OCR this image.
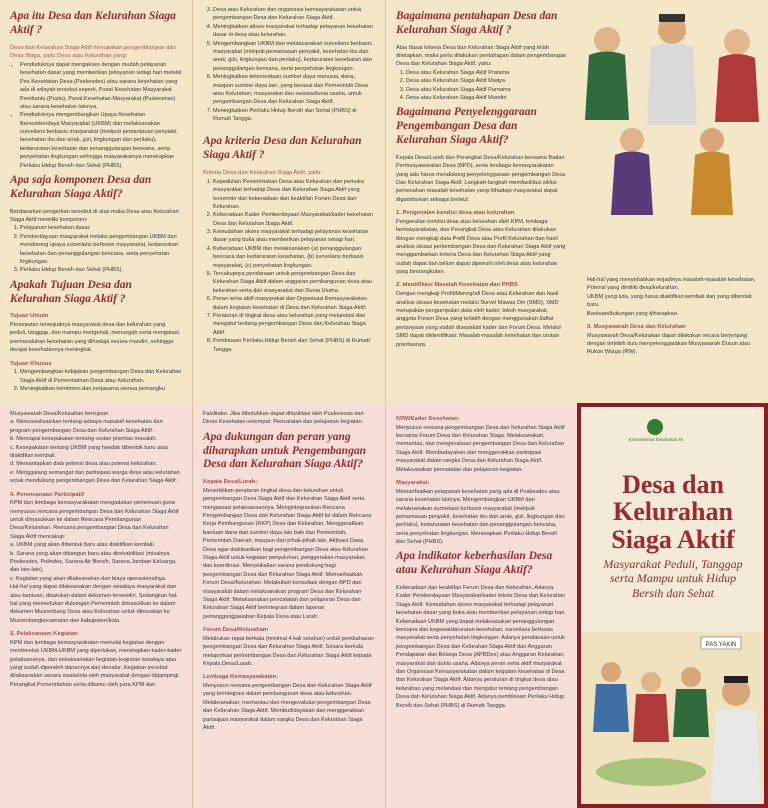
Apa itu Desa dan Kelurahan Siaga Aktif ?

Desa dan Kelurahan Siaga Aktif merupakan pengembangan dari Desa Siaga, yaitu Desa atau Kelurahan yang:

• Penduduknya dapat mengakses dengan mudah pelayanan kesehatan dasar yang memberikan pelayanan setiap hari melalui Pos Kesehatan Desa (Poskesdes) atau sarana kesehatan yang ada di wilayah tersebut seperti, Pusat Kesehatan Masyarakat Pembantu (Pustu), Pusat Kesehatan Masyarakat (Puskesmas) atau sarana kesehatan lainnya.
• Penduduknya mengembangkan Upaya Kesehatan Bersumberdaya Masyarakat (UKBM) dan melaksanakan surveilans berbasis masyarakat (meliputi pemantauan penyakit, kesehatan ibu dan anak, gizi, lingkungan dan perilaku), kedaruratan kesehatan dan penanggulangan bencana, serta penyehatan lingkungan sehingga masyarakatnya menerapkan Perilaku Hidup Bersih dan Sehat (PHBS).
Apa saja komponen Desa dan Kelurahan Siaga Aktif?

Berdasarkan pengertian tersebut di atas maka Desa atau Kelurahan Siaga Aktif memiliki komponen:

1. Pelayanan kesehatan dasar.
2. Pemberdayaan masyarakat melalui pengembangan UKBM dan mendorong upaya surveilans berbasis masyarakat, kedaruratan kesehatan dan penanggulangan bencana, serta penyehatan lingkungan.
3. Perilaku Hidup Bersih dan Sehat (PHBS).
Apakah Tujuan Desa dan Kelurahan Siaga Aktif ?

Tujuan Umum

Percepatan terwujudnya masyarakat desa dan kelurahan yang peduli, tanggap, dan mampu mengenali, mencegah serta mengatasi permasalahan kesehatan yang dihadapi secara mandiri, sehingga derajat kesehatannya meningkat.

Tujuan Khusus

1. Mengembangkan kebijakan pengembangan Desa dan Kelurahan Siaga Aktif di Pemerintahan Desa atau Kelurahan.
2. Meningkatkan komitmen dan kerjasama semua pemangku
3. Desa atau Kelurahan dan organisasi kemasyarakatan untuk pengembangan Desa dan Kelurahan Siaga Aktif.
4. Meningkatkan akses masyarakat terhadap pelayanan kesehatan dasar di desa atau kelurahan.
5. Mengembangkan UKBM dan melaksanakan surveilans berbasis masyarakat (meliputi pemantauan penyakit, kesehatan ibu dan anak, gizi, lingkungan dan perilaku), kedaruratan kesehatan dan penanggulangan bencana, serta penyehatan lingkungan.
6. Meningkatkan ketersediaan sumber daya manusia, dana, maupun sumber daya lain, yang berasal dari Pemerintah Desa atau Kelurahan, masyarakat dan swasta/dunia usaha, untuk pengembangan Desa dan Kelurahan Siaga Aktif.
7. Meningkatkan Perilaku Hidup Bersih dan Sehat (PHBS) di Rumah Tangga.
Apa kriteria Desa dan Kelurahan Siaga Aktif ?

Kriteria Desa dan Kelurahan Siaga Aktif, yaitu:

1. Kepedulian Pemerintahan Desa atau Kelurahan dan pemuka masyarakat terhadap Desa dan Kelurahan Siaga Aktif yang tercermin dari keberadaan dan keaktifan Forum Desa dan Kelurahan.
2. Keberadaan Kader Pemberdayaan Masyarakat/kader kesehatan Desa dan Kelurahan Siaga Aktif.
3. Kemudahan akses masyarakat terhadap pelayanan kesehatan dasar yang buka atau memberikan pelayanan setiap hari.
4. Keberadaan UKBM dan melaksanakan (a) penanggulangan bencana dan kedaruratan kesehatan, (b) surveilans berbasis masyarakat, (c) penyehatan lingkungan.
5. Tercakupnya pendanaan untuk pengembangan Desa dan Kelurahan Siaga Aktif dalam anggaran pembangunan desa atau kelurahan serta dari masyarakat dan Dunia Usaha.
6. Peran serta aktif masyarakat dan Organisasi Kemasyarakatan dalam kegiatan kesehatan di Desa dan Kelurahan Siaga Aktif.
7. Peraturan di tingkat desa atau kelurahan yang melandasi dan mengatur tentang pengembangan Desa dan Kelurahan Siaga Aktif.
8. Pembinaan Perilaku Hidup Bersih dan Sehat (PHBS) di Rumah Tangga.
Bagaimana pentahapan Desa dan Kelurahan Siaga Aktif ?

Atas dasar kriteria Desa dan Kelurahan Siaga Aktif yang telah ditetapkan, maka perlu dilakukan pentahapan dalam pengembangan Desa dan Kelurahan Siaga Aktif, yaitu:

1. Desa atau Kelurahan Siaga Aktif Pratama
2. Desa atau Kelurahan Siaga Aktif Madya
3. Desa atau Kelurahan Siaga Aktif Purnama
4. Desa atau Kelurahan Siaga Aktif Mandiri
Bagaimana Penyelenggaraan Pengembangan Desa dan Kelurahan Siaga Aktif?

Kepala Desa/Lurah dan Perangkat Desa/Kelurahan bersama Badan Permusyawaratan Desa (BPD), serta lembaga kemasyarakatan yang ada harus mendukung penyelenggaraan pengembangan Desa Dan Kelurahan Siaga Aktif. Langkah-langkah memfasilitasi siklus pemecahan masalah kesehatan yang dihadapi masyarakat dapat digambarkan sebagai berikut:

1. Pengenalan kondisi desa atau kelurahan

Pengenalan kondisi desa atau kelurahan oleh KPM, lembaga kemasyarakatan, dan Perangkat Desa atau Kelurahan dilakukan dengan mengkaji data Profil Desa atau Profil Kelurahan dan hasil analisis situasi perkembangan Desa dan Kelurahan Siaga Aktif yang menggambarkan kriteria Desa dan Kelurahan Siaga Aktif yang sudah dapat dan belum dapat dipenuhi oleh desa atau kelurahan yang bersangkutan.

2. Identifikasi Masalah Kesehatan dan PHBS

Dengan mengkaji Profil/Monografi Desa atau Kelurahan dan hasil analisis situasi kesehatan melalui Survei Mawas Diri (SMD), SMD merupakan pengumpulan data oleh kader, tokoh masyarakat, anggota Forum Desa yang terlatih dengan menggunakan daftar pertanyaan yang sudah disepakati kader dan Forum Desa. Melalui SMD dapat diidentifikasi: Masalah-masalah kesehatan dan urutan prioritasnya.

Hal-hal yang menyebabkan terjadinya masalah-masalah kesehatan.

Potensi yang dimiliki desa/kelurahan.

UKBM yang ada, yang harus diaktifkan kembali dan yang dibentuk baru.

Bantuan/dukungan yang diharapkan.

3. Musyawarah Desa dan Kelurahan

Musyawarah Desa/Kelurahan dapat dilakukan secara berjenjang dengan terlebih dulu menyelenggarakan Musyawarah Dusun atau Rukun Warga (RW).

Musyawarah Desa/Kelurahan bertujuan

a. Mensosialisasikan tentang adanya masalah kesehatan dan program pengembangan Desa dan Kelurahan Siaga Aktif.

b. Mencapai kesepakatan tentang urutan prioritas masalah.

c. Kesepakatan tentang UKBM yang hendak dibentuk baru atau diaktifkan kembali.

d. Memantapkan data potensi desa atau potensi kelurahan.

e. Menggalang semangat dan partisipasi warga desa atau kelurahan untuk mendukung pengembangan Desa dan Kelurahan Siaga Aktif.

4. Perencanaan Partisipatif

KPM dan lembaga kemasyarakatan mengadakan pertemuan guna menyusun rencana pengembangan Desa dan Kelurahan Siaga Aktif untuk dimasukkan ke dalam Rencana Pembangunan Desa/Kelurahan. Rencana pengembangan Desa dan Kelurahan Siaga Aktif mencakup:

a. UKBM yang akan dibentuk baru atau diaktifkan kembali.

b. Sarana yang akan dibangun baru atau direhabilitasi (misalnya Poskesdes, Polindes, Sarana Air Bersih, Sarana Jamban Keluarga, dan lain-lain).

c. Kegiatan yang akan dilaksanakan dan biaya operasionalnya.

Hal-hal yang dapat dilaksanakan dengan swadaya masyarakat dan atau bantuan, disatukan dalam dokumen tersendiri. Sedangkan hal-hal yang memerlukan dukungan Pemerintah dimasukkan ke dalam dokumen Musrenbang Desa atau Kelurahan untuk diteruskan ke Musrenbangkecamatan dan kabupaten/kota.

5. Pelaksanaan Kegiatan

KPM dan lembaga kemasyarakatan memulai kegiatan dengan membentuk UKBM-UKBM yang diperlukan, menetapkan kader-kader pelaksananya, dan melaksanakan kegiatan-kegiatan swadaya atau yang sudah diperoleh danannya dari donatur. Kegiatan tersebut dilaksanakan secara swakelola oleh masyarakat dengan didampingi Perangkat Pemerintahan serta dibantu oleh para KPM dan

Fasilitator. Jika dibutuhkan dapat difasilitasi oleh Puskesmas dan Dinas Kesehatan setempat. Pencatatan dan pelaporan kegiatan.

Apa dukungan dan peran yang diharapkan untuk Pengembangan Desa dan Kelurahan Siaga Aktif?

Kepala Desa/Lurah:

Menerbitkan peraturan tingkat desa dan kelurahan untuk pengembangan Desa Siaga Aktif dan Kelurahan Siaga Aktif serta mengawasi pelaksanaannya. Mengintegrasikan Rencana Pengembangan Desa dan Kelurahan Siaga Aktif ke dalam Rencana Kerja Pembangunan (RKP) Desa dan Kelurahan. Menggerakkan bantuan dana dari sumber daya lain baik dari Pemerintah, Pemerintah Daerah, maupun dari pihak-pihak lain. Aktivasi Dana Desa agar dialokasikan bagi pengembangan Desa atau Kelurahan Siaga Aktif untuk kegiatan penyuluhan, penggerakan masyarakat, dan koordinasi. Menyediakan sarana pendukung bagi pengembangan Desa dan Kelurahan Siaga Aktif. Memanfaatkan Forum Desa/Kelurahan. Melakukan konsultasi dengan BPD dan masyarakat dalam melaksanakan program Desa dan Kelurahan Siaga Aktif. Melaksanakan pencatatan dan pelaporan Desa dan Kelurahan Siaga Aktif berintegrasi dalam laporan pertanggungjawaban Kepala Desa atau Lurah.

Forum Desa/Kelurahan:

Melakukan rapat berkala (minimal 4 kali setahun) untuk pembahasan pengembangan Desa dan Kelurahan Siaga Aktif. Secara berkala melaporkan perkembangan Desa dan Kelurahan Siaga Aktif kepada Kepala Desa/Lurah.

Lembaga Kemasyarakatan:

Menyusun rencana pengembangan Desa dan Kelurahan Siaga Aktif yang terintegrasi dalam pembangunan desa atau kelurahan. Melaksanakan, memantau dan mengevaluasi pengembangan Desa dan Kelurahan Siaga Aktif. Membudidayakan dan menggerakkan partisipasi masyarakat dalam rangka Desa dan Kelurahan Siaga Aktif.

KPM/Kader Kesehatan:

Menyusun rencana pengembangan Desa dan Kelurahan Siaga Aktif bersama Forum Desa dan Kelurahan Siaga. Melaksanakan, memantau, dan mengevaluasi pengembangan Desa dan Kelurahan Siaga Aktif. Membudayakan dan menggerakkan partisipasi masyarakat dalam rangka Desa dan Kelurahan Siaga Aktif. Melaksanakan pencatatan dan pelaporan kegiatan.

Masyarakat:

Memanfaatkan pelayanan kesehatan yang ada di Poskesdes atau sarana kesehatan lainnya. Mengembangkan UKBM dan melaksanakan surveilans berbasis masyarakat (meliputi pemantauan penyakit, kesehatan ibu dan anak, gizi, lingkungan dan perilaku), kedaruratan kesehatan dan penanggulangan bencana, serta penyehatan lingkungan. Menerapkan Perilaku Hidup Bersih dan Sehat (PHBS).

Apa indikator keberhasilan Desa atau Kelurahan Siaga Aktif?

Keberadaan dan keaktifan Forum Desa dan Kelurahan. Adanya Kader Pemberdayaan Masyarakat/kader teknis Desa dan Kelurahan Siaga Aktif. Kemudahan akses masyarakat terhadap pelayanan kesehatan dasar yang buka atau memberikan pelayanan setiap hari. Keberadaan UKBM yang dapat melaksanakan penanggulangan bencana dan kegawatdaruratan kesehatan, surveilans berbasis masyarakat serta penyehatan lingkungan. Adanya pendanaan untuk pengembangan Desa dan Kelurahan Siaga Aktif dari Anggaran Pendapatan dan Belanja Desa (APBDes) atau Anggaran Kelurahan, masyarakat dan dunia usaha. Adanya peran serta aktif masyarakat dan Organisasi Kemasyarakatan dalam kegiatan kesehatan di Desa dan Kelurahan Siaga Aktif. Adanya peraturan di tingkat desa atau kelurahan yang melandasi dan mengatur tentang pengembangan Desa dan Kelurahan Siaga Aktif. Adanya pembinaan Perilaku Hidup Bersih dan Sehat (PHBS) di Rumah Tangga.

Kementerian Kesehatan RI
Desa dan Kelurahan Siaga Aktif
Masyarakat Peduli, Tanggap serta Mampu untuk Hidup Bersih dan Sehat
PAS YAKIN
